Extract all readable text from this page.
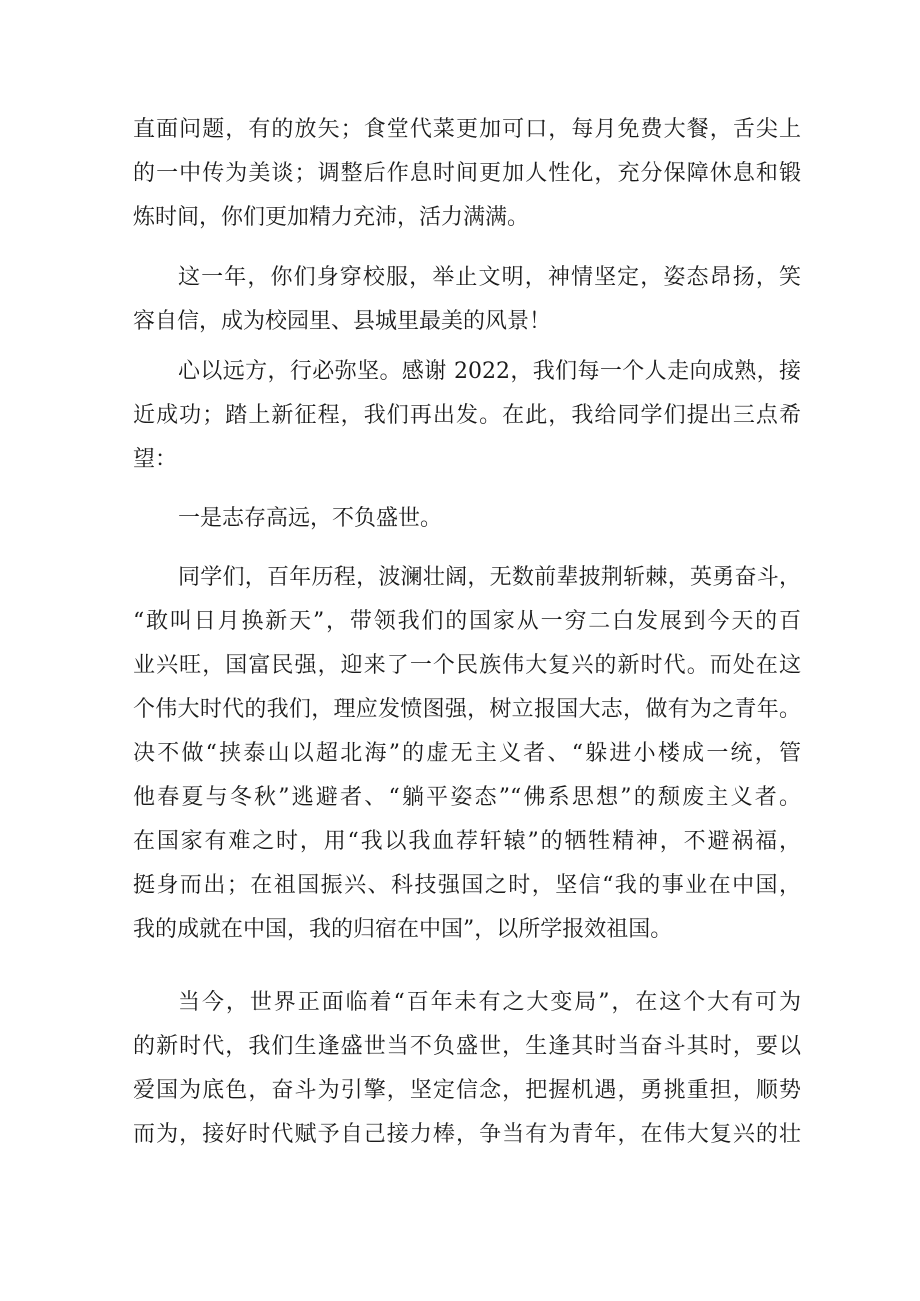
直面问题，有的放矢；食堂代菜更加可口，每月免费大餐，舌尖上

的一中传为美谈；调整后作息时间更加人性化，充分保障休息和锻

炼时间，你们更加精力充沛，活力满满。

这一年，你们身穿校服，举止文明，神情坚定，姿态昂扬，笑

容自信，成为校园里、县城里最美的风景！

心以远方，行必弥坚。感谢 2022，我们每一个人走向成熟，接

近成功；踏上新征程，我们再出发。在此，我给同学们提出三点希

望：

一是志存高远，不负盛世。

同学们，百年历程，波澜壮阔，无数前辈披荆斩棘，英勇奋斗，

“敢叫日月换新天”，带领我们的国家从一穷二白发展到今天的百

业兴旺，国富民强，迎来了一个民族伟大复兴的新时代。而处在这

个伟大时代的我们，理应发愤图强，树立报国大志，做有为之青年。

决不做“挟泰山以超北海”的虚无主义者、“躲进小楼成一统，管

他春夏与冬秋”逃避者、“躺平姿态”“佛系思想”的颓废主义者。

在国家有难之时，用“我以我血荐轩辕”的牺牲精神，不避祸福，

挺身而出；在祖国振兴、科技强国之时，坚信“我的事业在中国，

我的成就在中国，我的归宿在中国”，以所学报效祖国。

当今，世界正面临着“百年未有之大变局”，在这个大有可为

的新时代，我们生逢盛世当不负盛世，生逢其时当奋斗其时，要以

爱国为底色，奋斗为引擎，坚定信念，把握机遇，勇挑重担，顺势

而为，接好时代赋予自己接力棒，争当有为青年，在伟大复兴的壮
